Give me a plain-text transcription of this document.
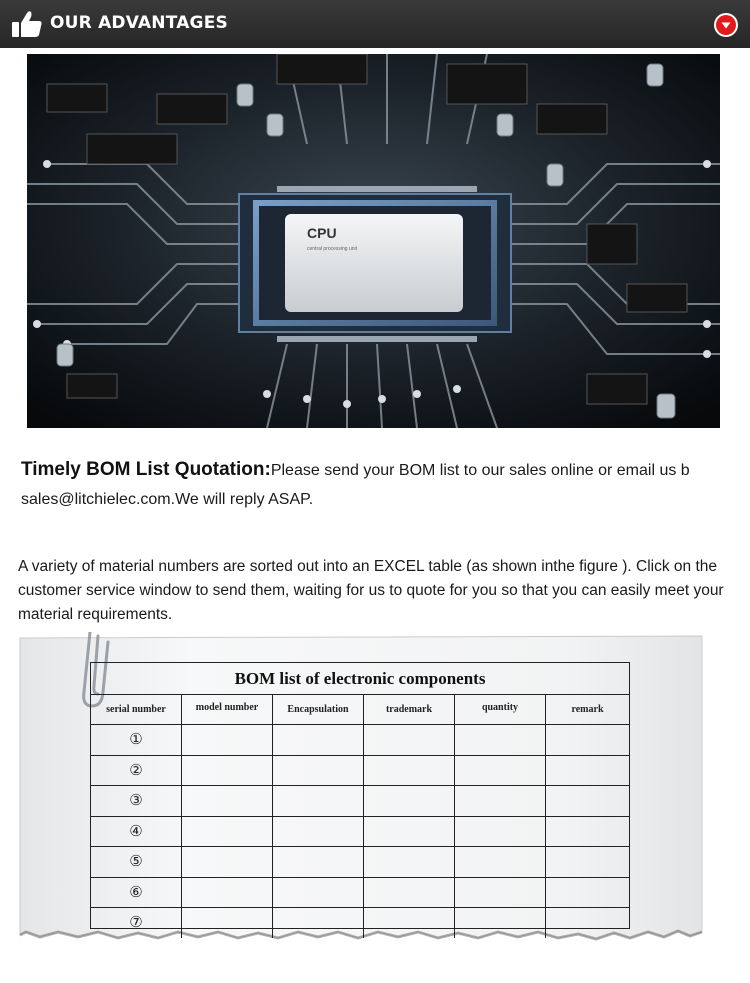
OUR ADVANTAGES
CPU
central processing unit
Timely BOM List Quotation:Please send your BOM list to our sales online or email us b
sales@litchielec.com.We will reply ASAP.
A variety of material numbers are sorted out into an EXCEL table (as shown inthe figure ). Click on the customer service window to send them, waiting for us to quote for you so that you can easily meet your material requirements.
BOM list of electronic components
serial number	model number	Encapsulation	trademark	quantity	remark
①
②
③
④
⑤
⑥
⑦
